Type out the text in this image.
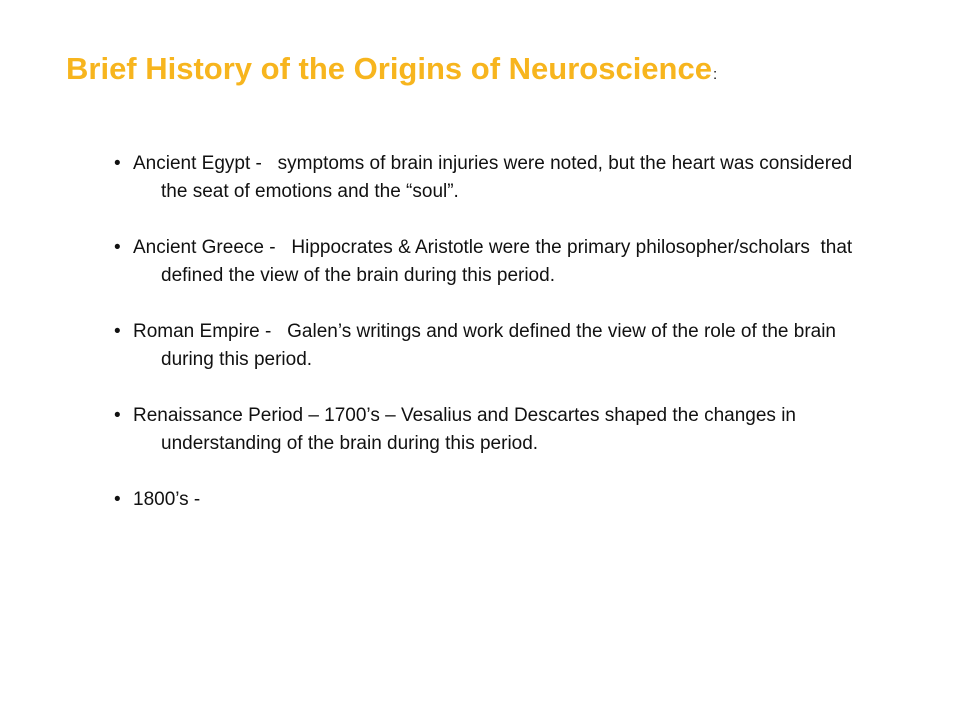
Brief History of the Origins of Neuroscience:
• Ancient Egypt -   symptoms of brain injuries were noted, but the heart was considered the seat of emotions and the “soul”.
• Ancient Greece -   Hippocrates & Aristotle were the primary philosopher/scholars  that defined the view of the brain during this period.
• Roman Empire -   Galen’s writings and work defined the view of the role of the brain during this period.
• Renaissance Period – 1700’s – Vesalius and Descartes shaped the changes in understanding of the brain during this period.
• 1800’s -
